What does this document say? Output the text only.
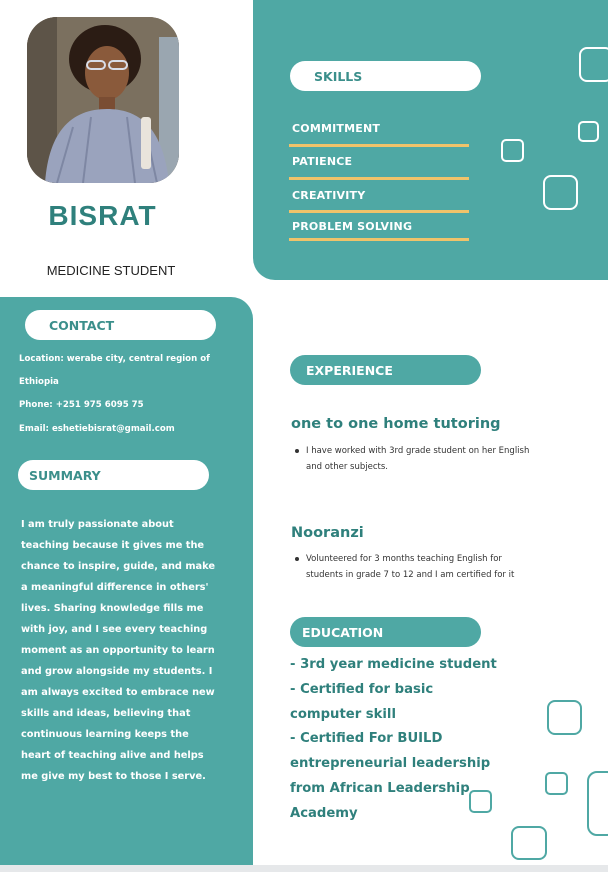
BISRAT
MEDICINE STUDENT
SKILLS
COMMITMENT
PATIENCE
CREATIVITY
PROBLEM SOLVING
CONTACT
Location: werabe city, central region of
Ethiopia
Phone: +251 975 6095 75
Email: eshetiebisrat@gmail.com
SUMMARY
I am truly passionate about teaching because it gives me the chance to inspire, guide, and make a meaningful difference in others' lives. Sharing knowledge fills me with joy, and I see every teaching moment as an opportunity to learn and grow alongside my students. I am always excited to embrace new skills and ideas, believing that continuous learning keeps the heart of teaching alive and helps me give my best to those I serve.
EXPERIENCE
one to one home tutoring
I have worked with 3rd grade student on her English
and other subjects.
Nooranzi
Volunteered for 3 months teaching English for
students in grade 7 to 12 and I am certified for it
EDUCATION
- 3rd year medicine student
- Certified for basic
computer skill
- Certified For BUILD
entrepreneurial leadership
from African Leadership
Academy
